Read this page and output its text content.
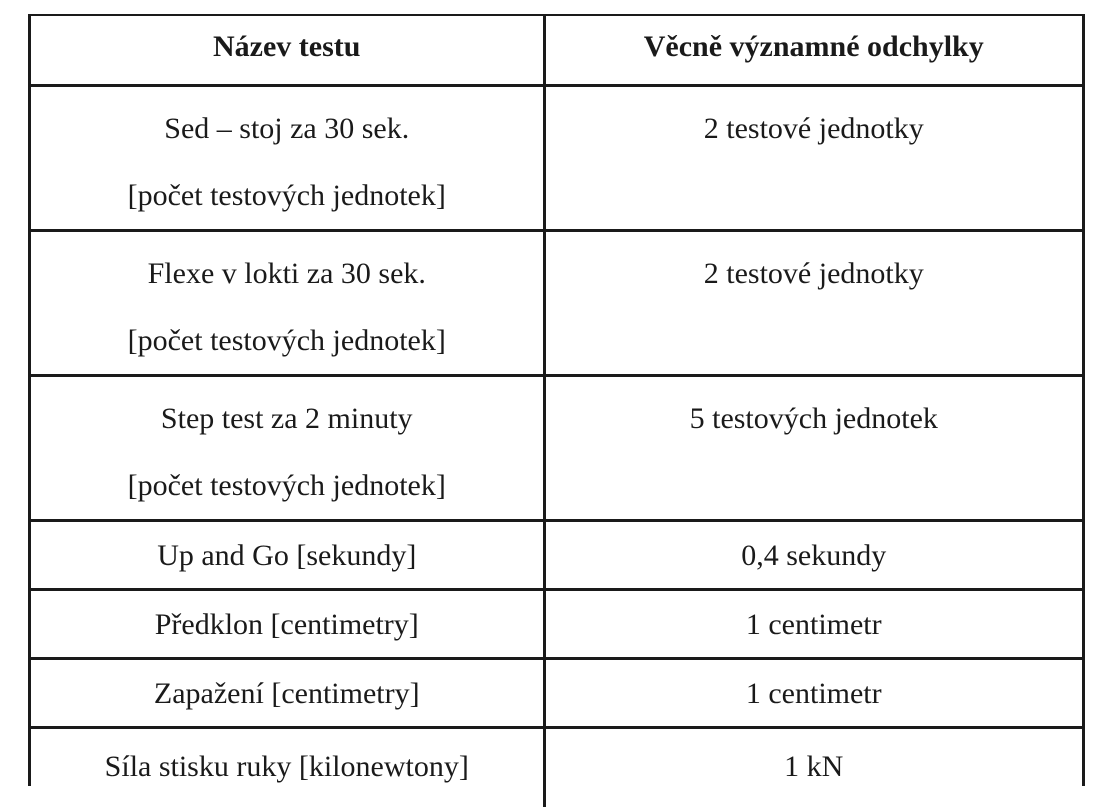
Název testu	Věcně významné odchylky

Sed – stoj za 30 sek.
[počet testových jednotek]	2 testové jednotky

Flexe v lokti za 30 sek.
[počet testových jednotek]	2 testové jednotky

Step test za 2 minuty
[počet testových jednotek]	5 testových jednotek
Up and Go [sekundy]	0,4 sekundy
Předklon [centimetry]	1 centimetr
Zapažení [centimetry]	1 centimetr
Síla stisku ruky [kilonewtony]	1 kN
